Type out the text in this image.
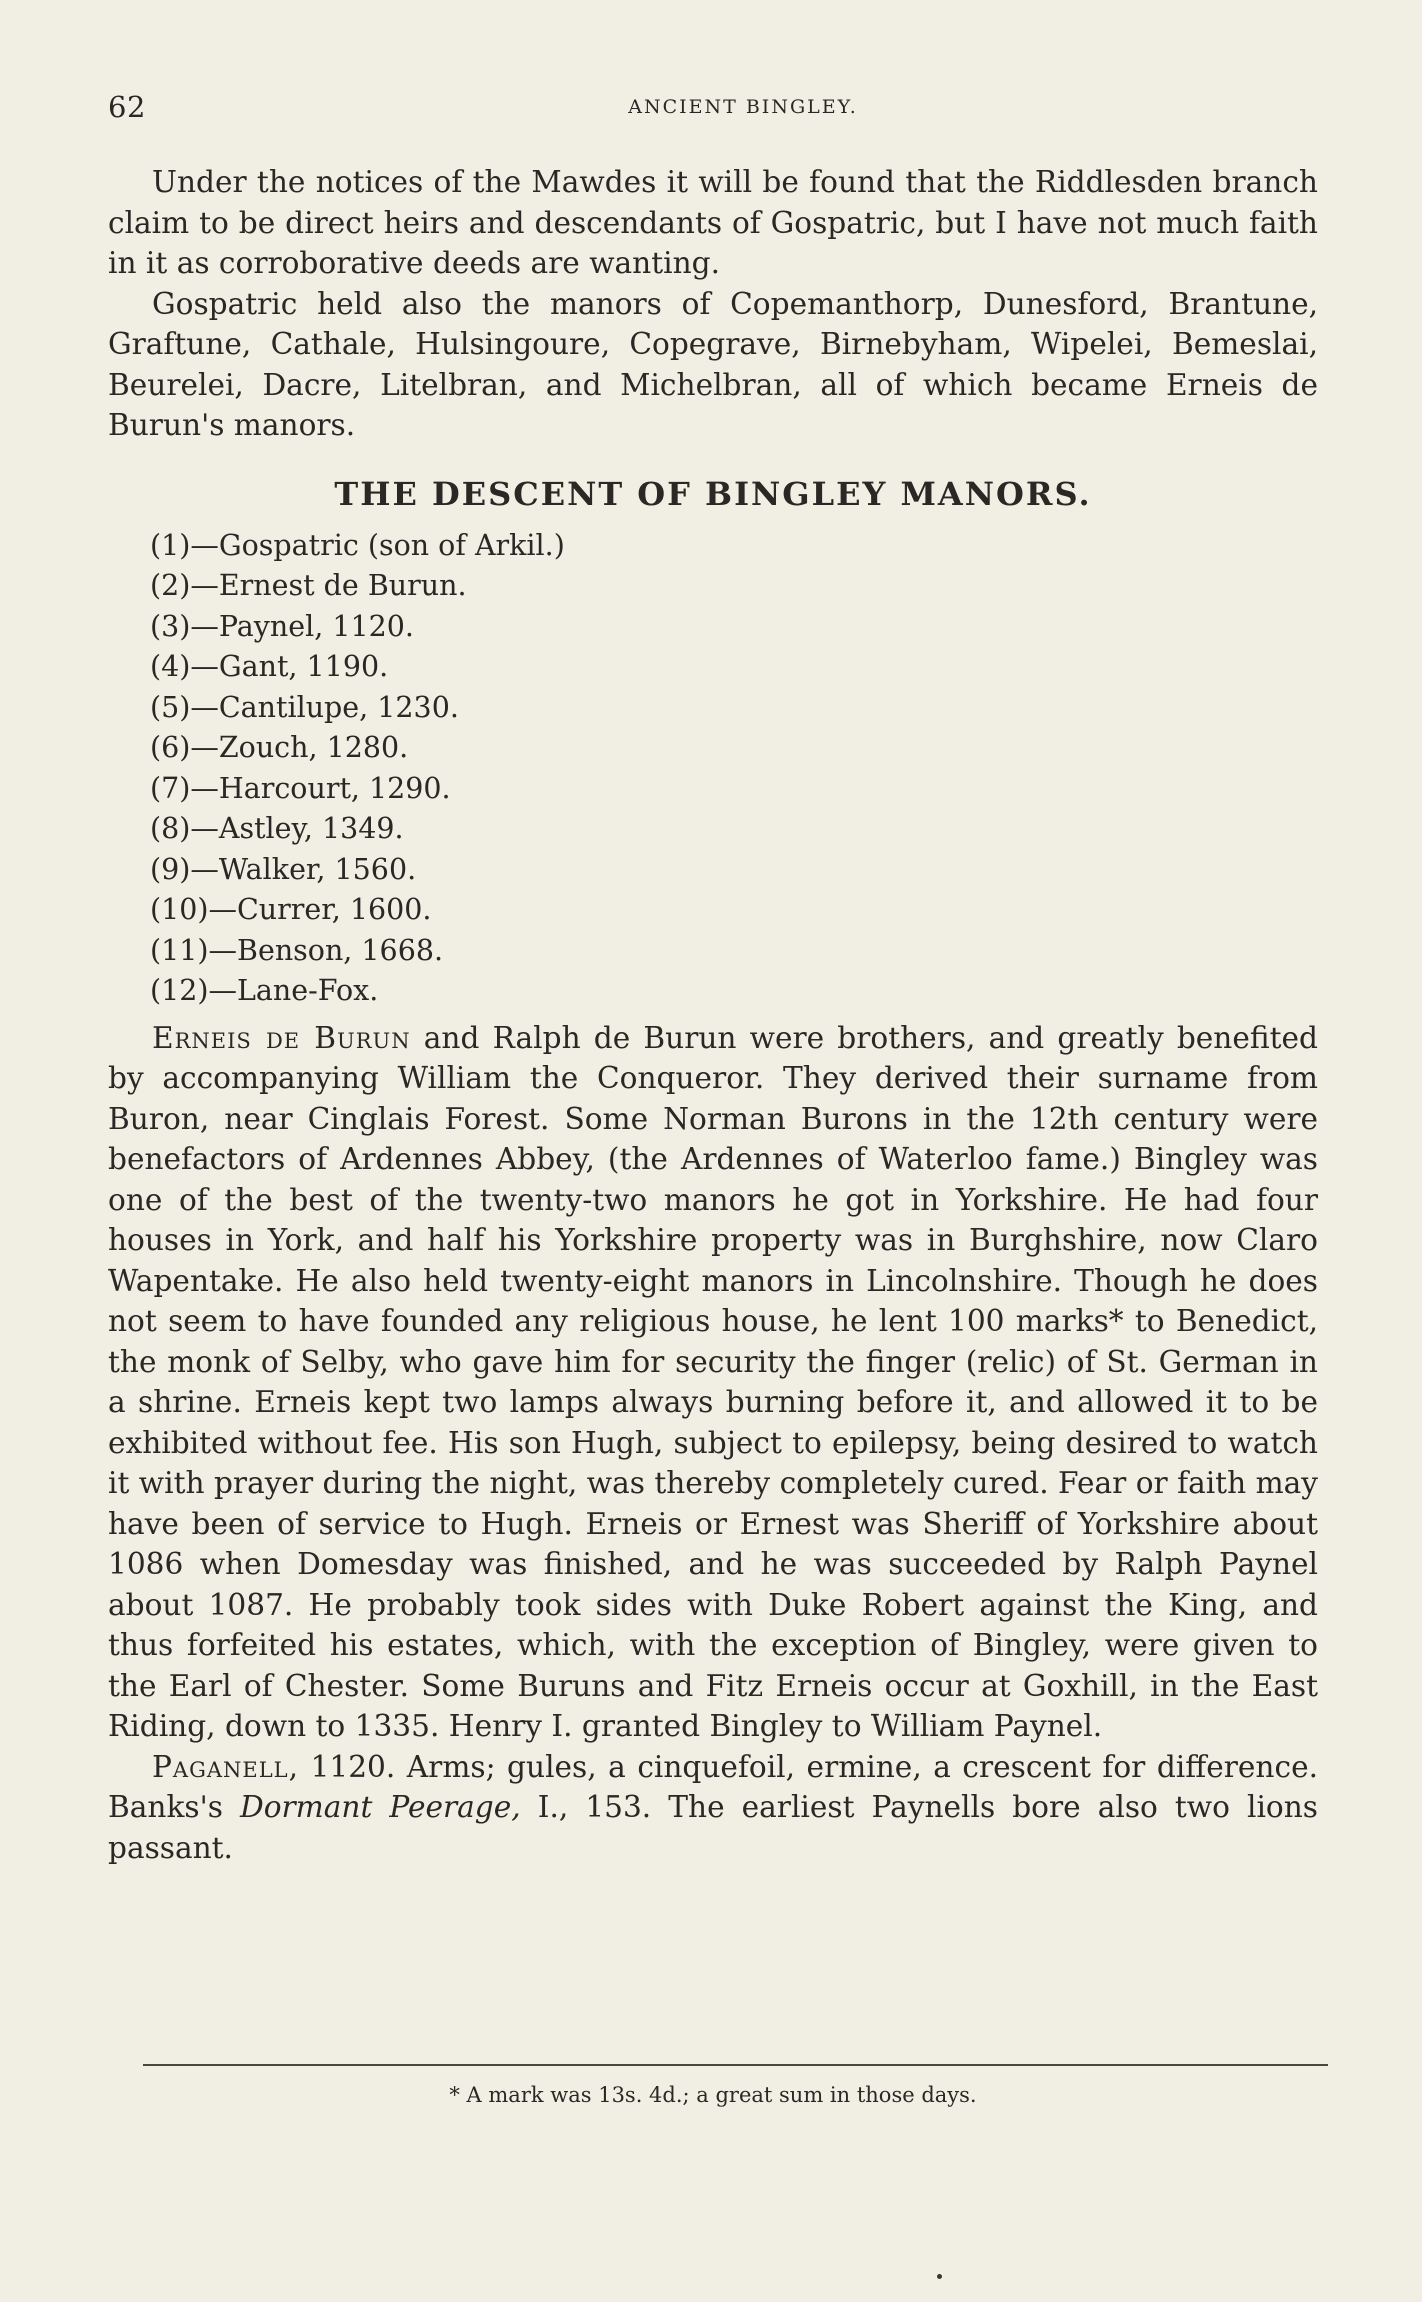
62	ANCIENT BINGLEY.

Under the notices of the Mawdes it will be found that the Riddlesden branch claim to be direct heirs and descendants of Gospatric, but I have not much faith in it as corroborative deeds are wanting.

Gospatric held also the manors of Copemanthorp, Dunesford, Brantune, Graftune, Cathale, Hulsingoure, Copegrave, Birnebyham, Wipelei, Bemeslai, Beurelei, Dacre, Litelbran, and Michelbran, all of which became Erneis de Burun's manors.

THE DESCENT OF BINGLEY MANORS.
(1)—Gospatric (son of Arkil.)
(2)—Ernest de Burun.
(3)—Paynel, 1120.
(4)—Gant, 1190.
(5)—Cantilupe, 1230.
(6)—Zouch, 1280.
(7)—Harcourt, 1290.
(8)—Astley, 1349.
(9)—Walker, 1560.
(10)—Currer, 1600.
(11)—Benson, 1668.
(12)—Lane-Fox.

Erneis de Burun and Ralph de Burun were brothers, and greatly benefited by accompanying William the Conqueror. They derived their surname from Buron, near Cinglais Forest. Some Norman Burons in the 12th century were benefactors of Ardennes Abbey, (the Ardennes of Waterloo fame.) Bingley was one of the best of the twenty-two manors he got in Yorkshire. He had four houses in York, and half his Yorkshire property was in Burghshire, now Claro Wapentake. He also held twenty-eight manors in Lincolnshire. Though he does not seem to have founded any religious house, he lent 100 marks* to Benedict, the monk of Selby, who gave him for security the finger (relic) of St. German in a shrine. Erneis kept two lamps always burning before it, and allowed it to be exhibited without fee. His son Hugh, subject to epilepsy, being desired to watch it with prayer during the night, was thereby completely cured. Fear or faith may have been of service to Hugh. Erneis or Ernest was Sheriff of Yorkshire about 1086 when Domesday was finished, and he was succeeded by Ralph Paynel about 1087. He probably took sides with Duke Robert against the King, and thus forfeited his estates, which, with the exception of Bingley, were given to the Earl of Chester. Some Buruns and Fitz Erneis occur at Goxhill, in the East Riding, down to 1335. Henry I. granted Bingley to William Paynel.

Paganell, 1120. Arms; gules, a cinquefoil, ermine, a crescent for difference. Banks's Dormant Peerage, I., 153. The earliest Paynells bore also two lions passant.

* A mark was 13s. 4d.; a great sum in those days.
